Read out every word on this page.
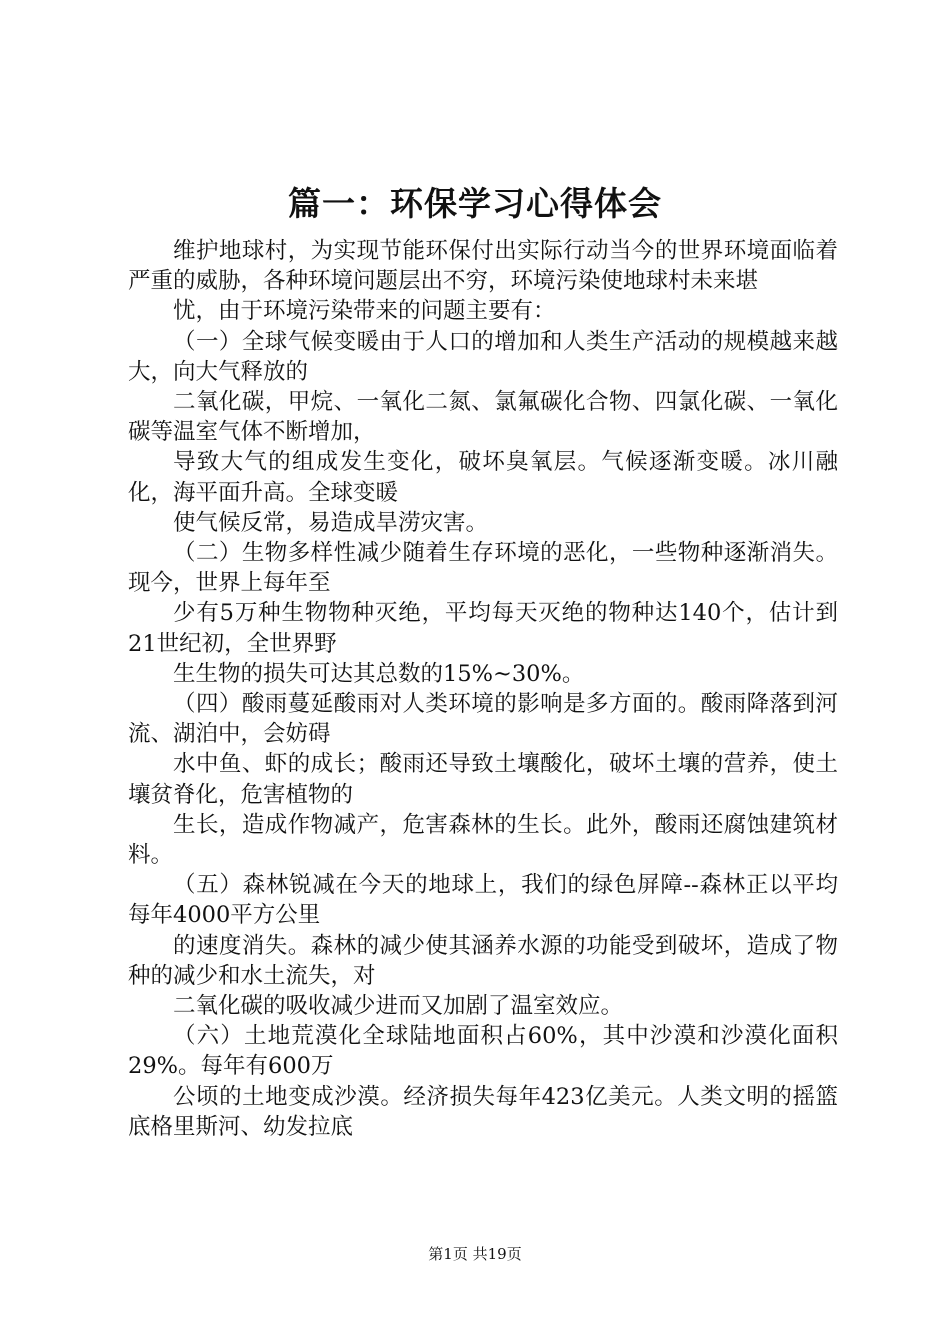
篇一：环保学习心得体会

维护地球村，为实现节能环保付出实际行动当今的世界环境面临着严重的威胁，各种环境问题层出不穷，环境污染使地球村未来堪

忧，由于环境污染带来的问题主要有：

（一）全球气候变暖由于人口的增加和人类生产活动的规模越来越大，向大气释放的

二氧化碳，甲烷、一氧化二氮、氯氟碳化合物、四氯化碳、一氧化碳等温室气体不断增加，

导致大气的组成发生变化，破坏臭氧层。气候逐渐变暖。冰川融化，海平面升高。全球变暖

使气候反常，易造成旱涝灾害。

（二）生物多样性减少随着生存环境的恶化，一些物种逐渐消失。现今，世界上每年至

少有5万种生物物种灭绝，平均每天灭绝的物种达140个，估计到21世纪初，全世界野

生生物的损失可达其总数的15%~30%。

（四）酸雨蔓延酸雨对人类环境的影响是多方面的。酸雨降落到河流、湖泊中，会妨碍

水中鱼、虾的成长；酸雨还导致土壤酸化，破坏土壤的营养，使土壤贫脊化，危害植物的

生长，造成作物减产，危害森林的生长。此外，酸雨还腐蚀建筑材料。

（五）森林锐减在今天的地球上，我们的绿色屏障--森林正以平均每年4000平方公里

的速度消失。森林的减少使其涵养水源的功能受到破坏，造成了物种的减少和水土流失，对

二氧化碳的吸收减少进而又加剧了温室效应。

（六）土地荒漠化全球陆地面积占60%，其中沙漠和沙漠化面积29%。每年有600万

公顷的土地变成沙漠。经济损失每年423亿美元。人类文明的摇篮底格里斯河、幼发拉底

第1页 共19页
